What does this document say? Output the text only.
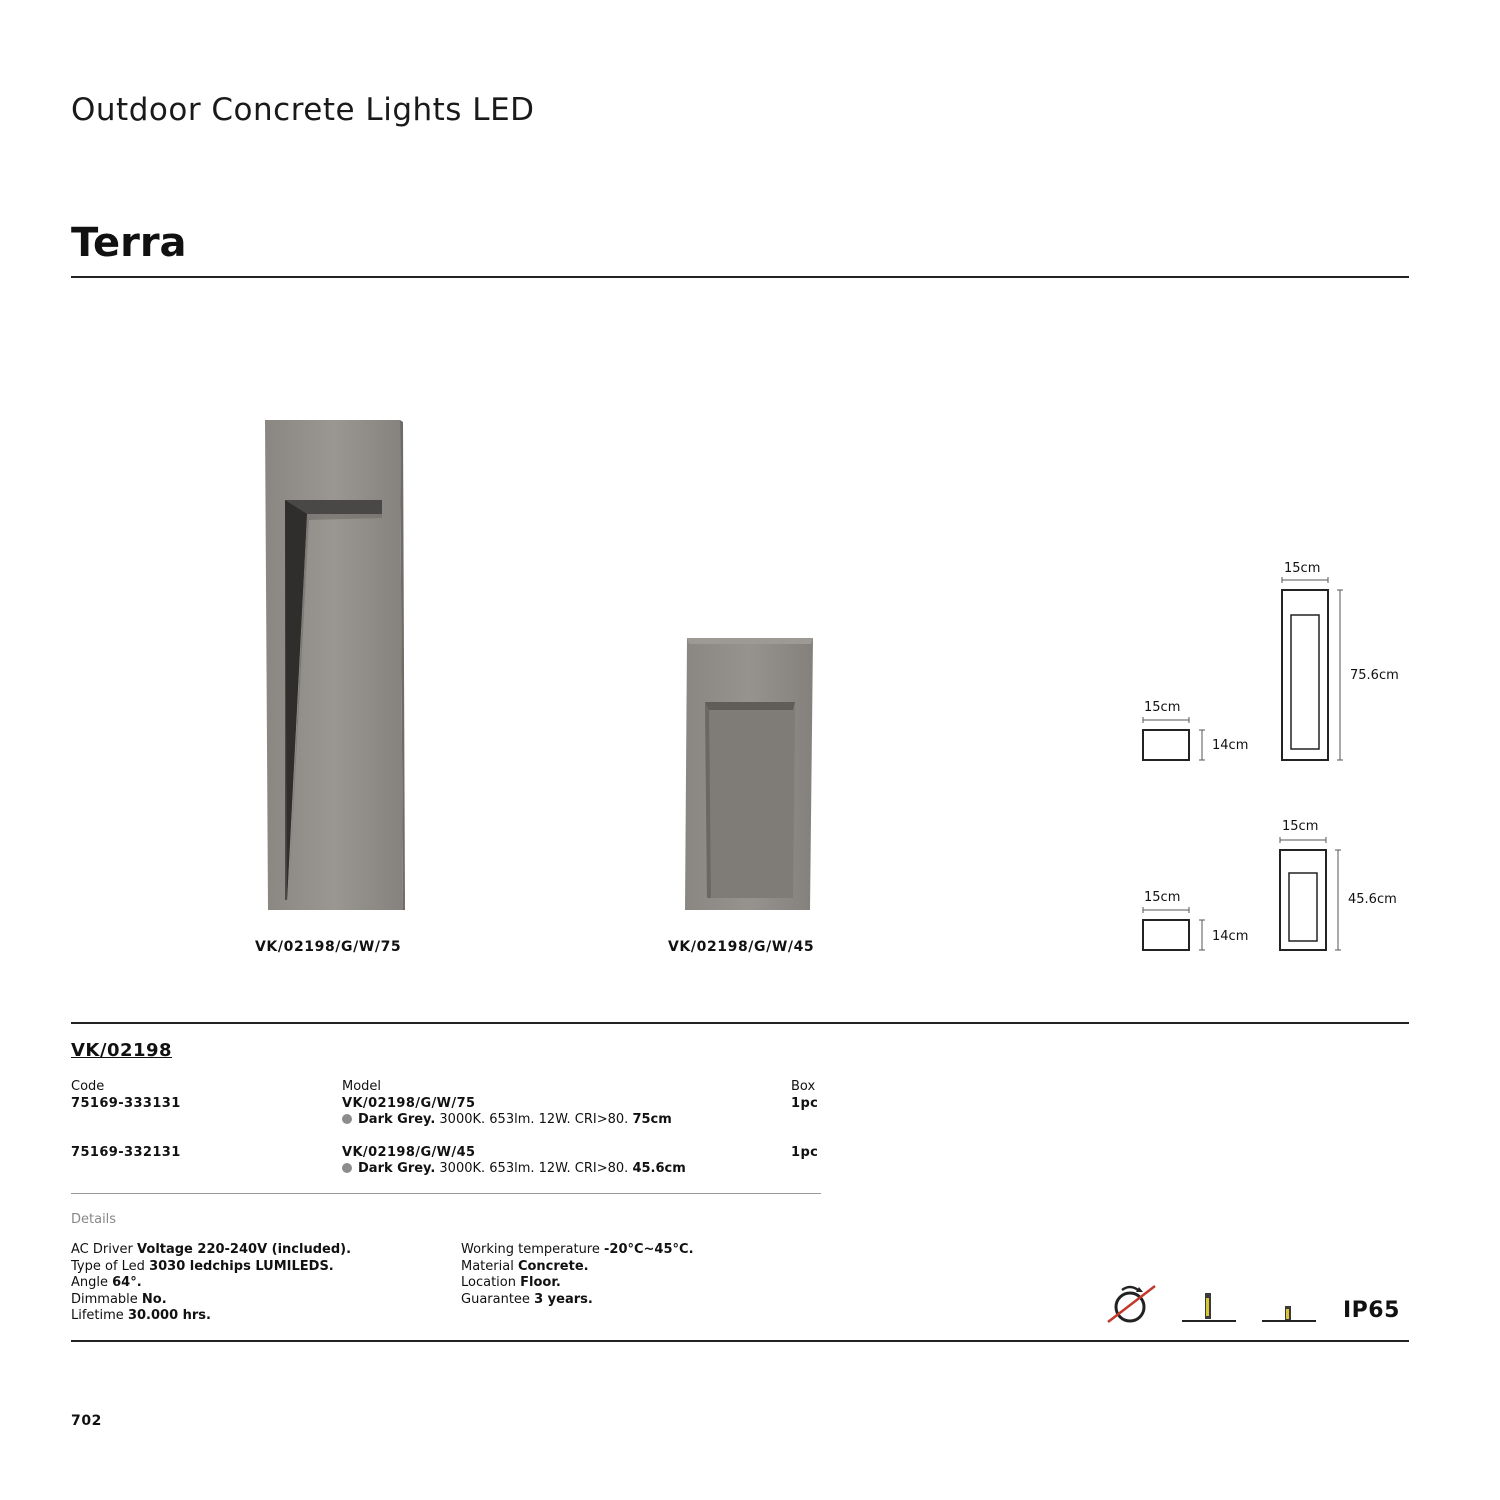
Outdoor Concrete Lights LED
Terra
VK/02198/G/W/75	VK/02198/G/W/45
15cm
14cm
15cm
75.6cm
15cm
14cm
15cm
45.6cm
VK/02198
Code	Model	Box
75169-333131	VK/02198/G/W/75	1pc
Dark Grey. 3000K. 653lm. 12W. CRI>80. 75cm
75169-332131	VK/02198/G/W/45	1pc
Dark Grey. 3000K. 653lm. 12W. CRI>80. 45.6cm
Details
AC Driver Voltage 220-240V (included).
Type of Led 3030 ledchips LUMILEDS.
Angle 64°.
Dimmable No.
Lifetime 30.000 hrs.
Working temperature -20°C~45°C.
Material Concrete.
Location Floor.
Guarantee 3 years.	IP65
702
